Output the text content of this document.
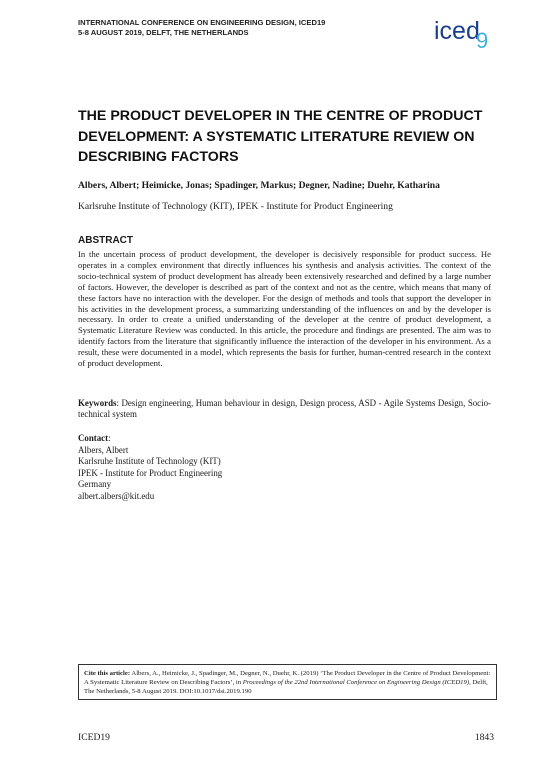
INTERNATIONAL CONFERENCE ON ENGINEERING DESIGN, ICED19
5-8 AUGUST 2019, DELFT, THE NETHERLANDS	iced
9
THE PRODUCT DEVELOPER IN THE CENTRE OF PRODUCT DEVELOPMENT: A SYSTEMATIC LITERATURE REVIEW ON DESCRIBING FACTORS
Albers, Albert; Heimicke, Jonas; Spadinger, Markus; Degner, Nadine; Duehr, Katharina
Karlsruhe Institute of Technology (KIT), IPEK - Institute for Product Engineering
ABSTRACT
In the uncertain process of product development, the developer is decisively responsible for product success. He operates in a complex environment that directly influences his synthesis and analysis activities. The context of the socio-technical system of product development has already been extensively researched and defined by a large number of factors. However, the developer is described as part of the context and not as the centre, which means that many of these factors have no interaction with the developer. For the design of methods and tools that support the developer in his activities in the development process, a summarizing understanding of the influences on and by the developer is necessary. In order to create a unified understanding of the developer at the centre of product development, a Systematic Literature Review was conducted. In this article, the procedure and findings are presented. The aim was to identify factors from the literature that significantly influence the interaction of the developer in his environment. As a result, these were documented in a model, which represents the basis for further, human-centred research in the context of product development.
Keywords: Design engineering, Human behaviour in design, Design process, ASD - Agile Systems Design, Socio-technical system
Contact:
Albers, Albert
Karlsruhe Institute of Technology (KIT)
IPEK - Institute for Product Engineering
Germany
albert.albers@kit.edu
Cite this article: Albers, A., Heimicke, J., Spadinger, M., Degner, N., Duehr, K. (2019) ‘The Product Developer in the Centre of Product Development: A Systematic Literature Review on Describing Factors’, in Proceedings of the 22nd International Conference on Engineering Design (ICED19), Delft, The Netherlands, 5-8 August 2019. DOI:10.1017/dsi.2019.190
ICED19	1843
